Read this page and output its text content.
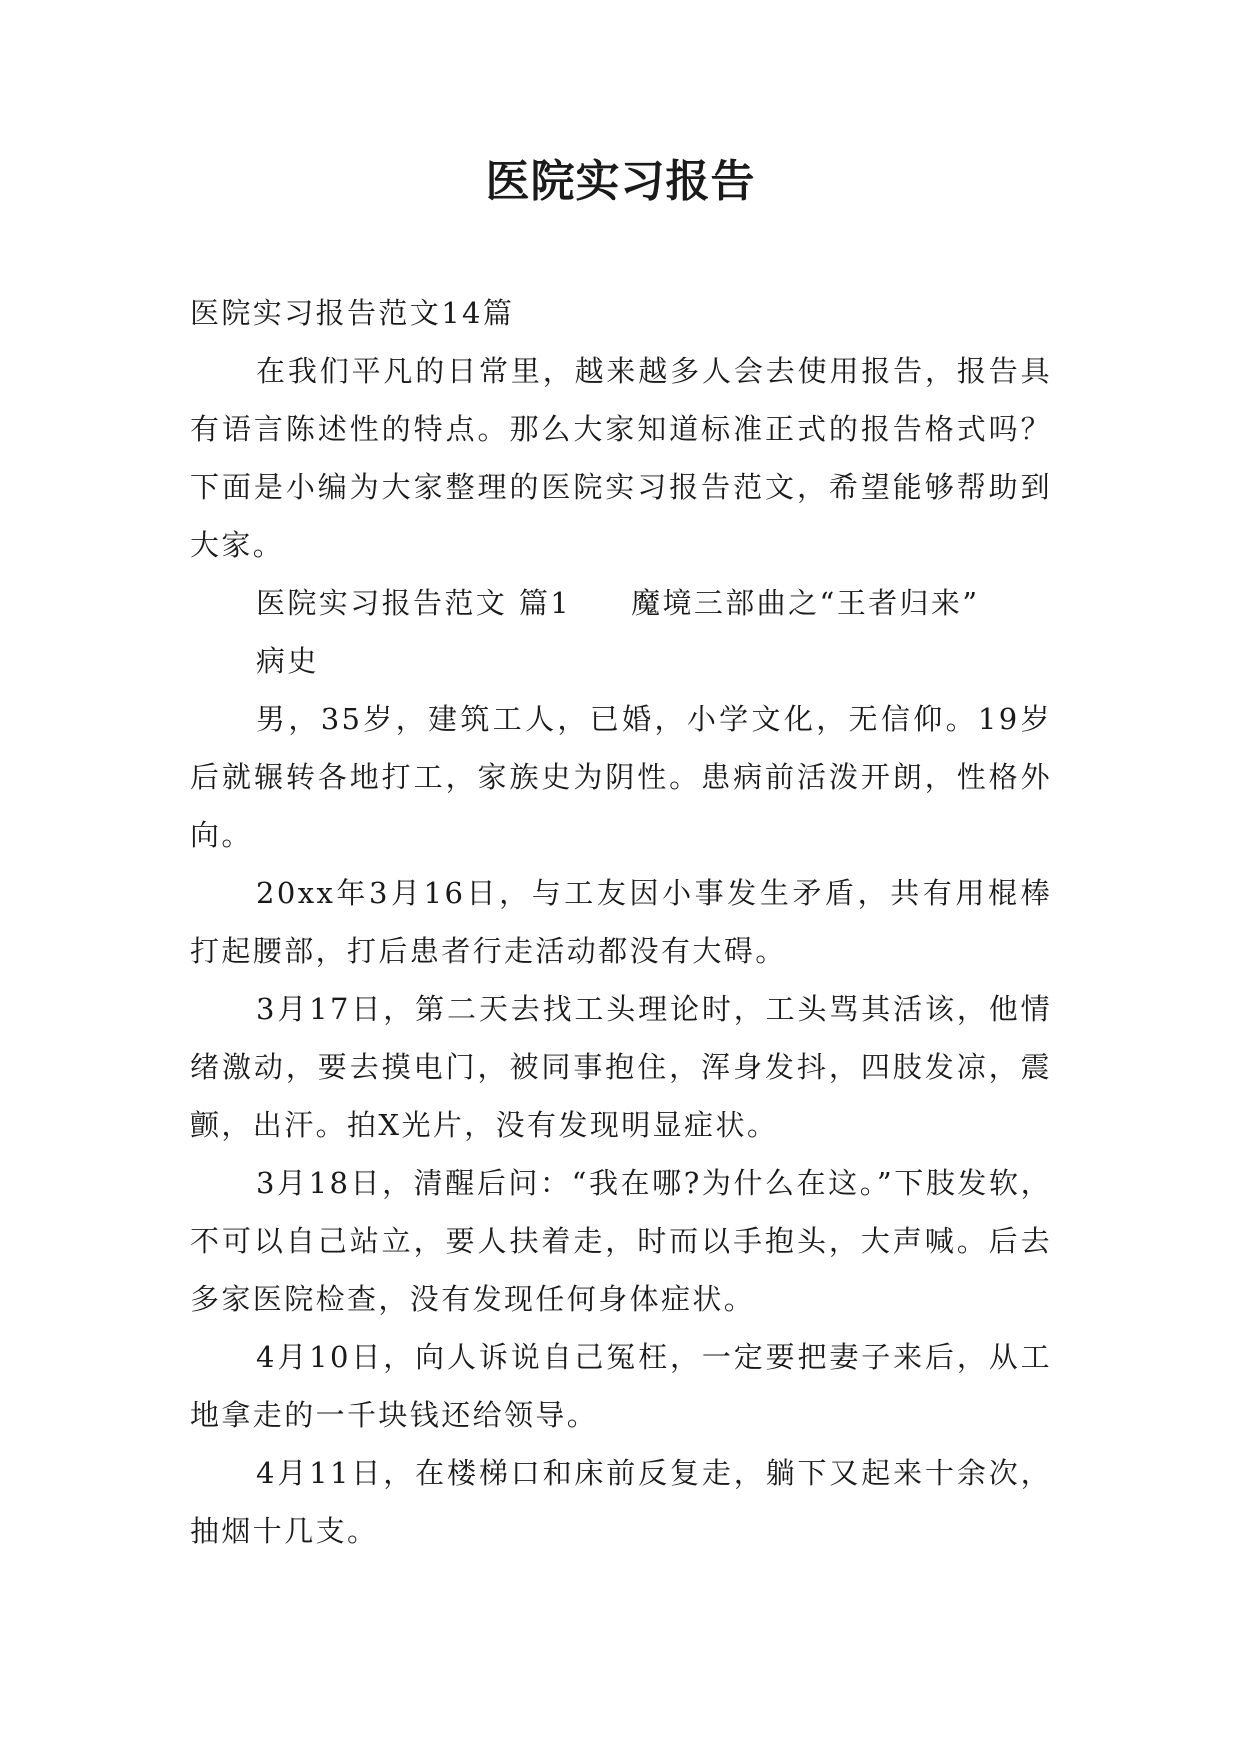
医院实习报告

医院实习报告范文14篇

在我们平凡的日常里，越来越多人会去使用报告，报告具有语言陈述性的特点。那么大家知道标准正式的报告格式吗？下面是小编为大家整理的医院实习报告范文，希望能够帮助到大家。

医院实习报告范文 篇1 魔境三部曲之“王者归来”

病史

男，35岁，建筑工人，已婚，小学文化，无信仰。19岁后就辗转各地打工，家族史为阴性。患病前活泼开朗，性格外向。

20xx年3月16日，与工友因小事发生矛盾，共有用棍棒打起腰部，打后患者行走活动都没有大碍。

3月17日，第二天去找工头理论时，工头骂其活该，他情绪激动，要去摸电门，被同事抱住，浑身发抖，四肢发凉，震颤，出汗。拍X光片，没有发现明显症状。

3月18日，清醒后问：“我在哪?为什么在这。”下肢发软，不可以自己站立，要人扶着走，时而以手抱头，大声喊。后去多家医院检查，没有发现任何身体症状。

4月10日，向人诉说自己冤枉，一定要把妻子来后，从工地拿走的一千块钱还给领导。

4月11日，在楼梯口和床前反复走，躺下又起来十余次，抽烟十几支。
